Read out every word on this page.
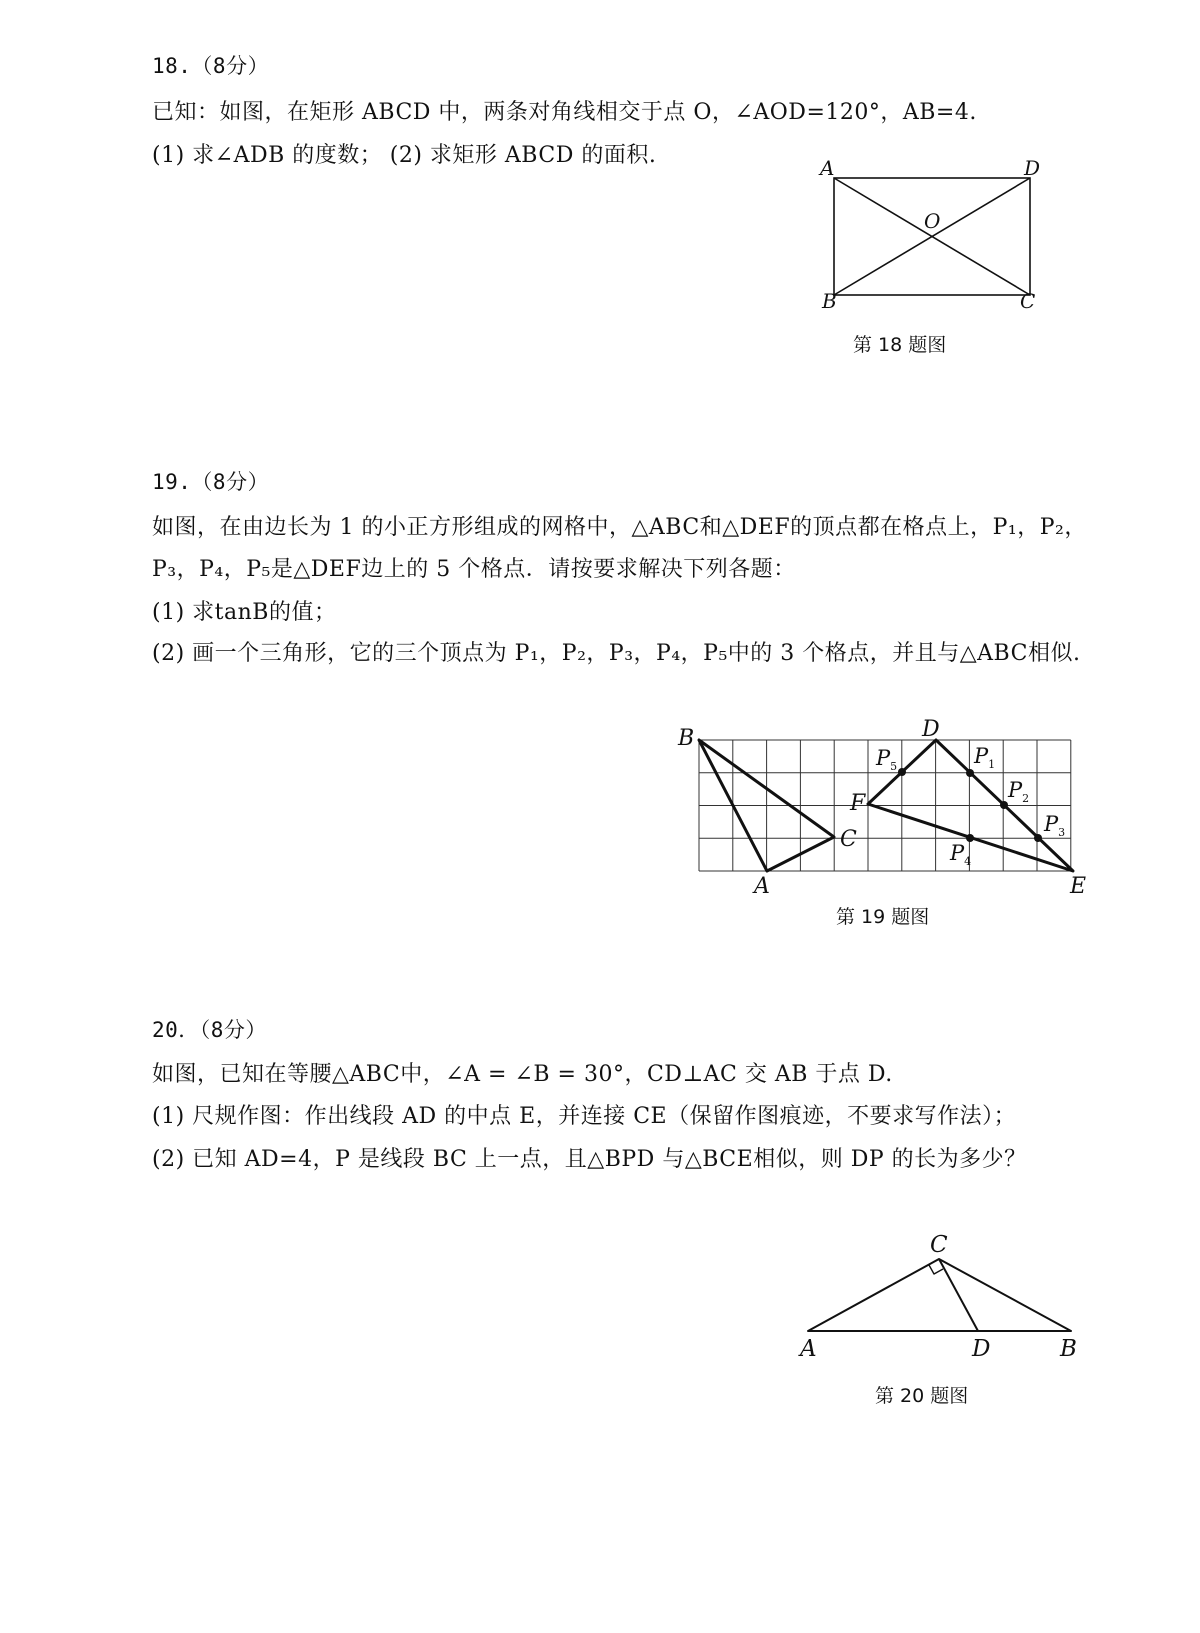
18.（8分）
已知：如图，在矩形 ABCD 中，两条对角线相交于点 O，∠AOD=120°，AB=4.
(1) 求∠ADB 的度数； (2) 求矩形 ABCD 的面积.	A	D
B	C
O
第 18 题图
19.（8分）
如图，在由边长为 1 的小正方形组成的网格中，△ABC和△DEF的顶点都在格点上，P₁，P₂，
P₃，P₄，P₅是△DEF边上的 5 个格点．请按要求解决下列各题：
(1) 求tanB的值；
(2) 画一个三角形，它的三个顶点为 P₁，P₂，P₃，P₄，P₅中的 3 个格点，并且与△ABC相似.
B
A
C
D
F
E
$P_5$	$P_1$
$P_2$
$P_3$
$P_4$
第 19 题图
20．（8分）
如图，已知在等腰△ABC中，∠A = ∠B = 30°，CD⊥AC 交 AB 于点 D.
(1) 尺规作图：作出线段 AD 的中点 E，并连接 CE（保留作图痕迹，不要求写作法）；
(2) 已知 AD=4，P 是线段 BC 上一点，且△BPD 与△BCE相似，则 DP 的长为多少？
C
A	D	B
第 20 题图
